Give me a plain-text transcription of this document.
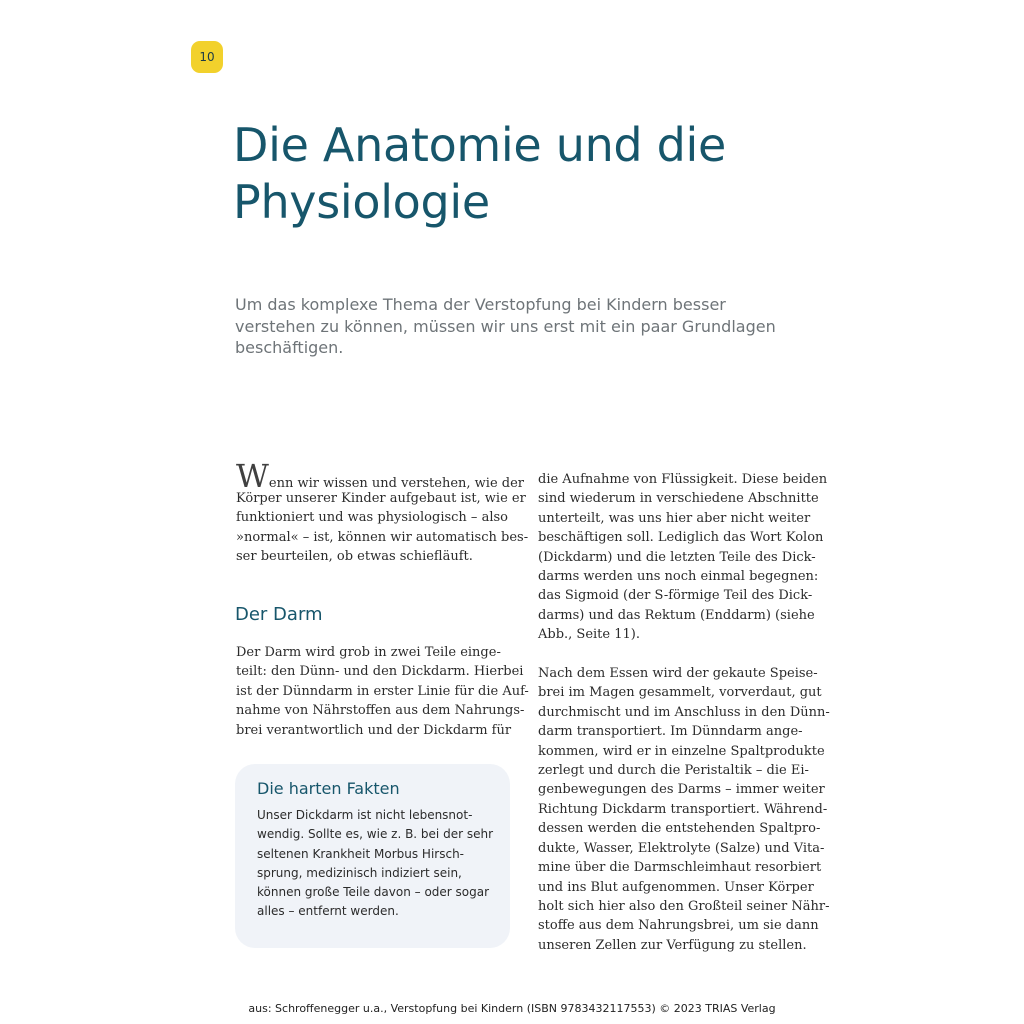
10
Die Anatomie und die
Physiologie
Um das komplexe Thema der Verstopfung bei Kindern besser
verstehen zu können, müssen wir uns erst mit ein paar Grundlagen
beschäftigen.
Wenn wir wissen und verstehen, wie der
Körper unserer Kinder aufgebaut ist, wie er
funktioniert und was physiologisch – also
»normal« – ist, können wir automatisch bes-
ser beurteilen, ob etwas schiefläuft.
Der Darm
Der Darm wird grob in zwei Teile einge-
teilt: den Dünn- und den Dickdarm. Hierbei
ist der Dünndarm in erster Linie für die Auf-
nahme von Nährstoffen aus dem Nahrungs-
brei verantwortlich und der Dickdarm für
Die harten Fakten
Unser Dickdarm ist nicht lebensnot-
wendig. Sollte es, wie z. B. bei der sehr
seltenen Krankheit Morbus Hirsch-
sprung, medizinisch indiziert sein,
können große Teile davon – oder sogar
alles – entfernt werden.

die Aufnahme von Flüssigkeit. Diese beiden
sind wiederum in verschiedene Abschnitte
unterteilt, was uns hier aber nicht weiter
beschäftigen soll. Lediglich das Wort Kolon
(Dickdarm) und die letzten Teile des Dick-
darms werden uns noch einmal begegnen:
das Sigmoid (der S-förmige Teil des Dick-
darms) und das Rektum (Enddarm) (siehe
Abb., Seite 11).

Nach dem Essen wird der gekaute Speise-
brei im Magen gesammelt, vorverdaut, gut
durchmischt und im Anschluss in den Dünn-
darm transportiert. Im Dünndarm ange-
kommen, wird er in einzelne Spaltprodukte
zerlegt und durch die Peristaltik – die Ei-
genbewegungen des Darms – immer weiter
Richtung Dickdarm transportiert. Während-
dessen werden die entstehenden Spaltpro-
dukte, Wasser, Elektrolyte (Salze) und Vita-
mine über die Darmschleimhaut resorbiert
und ins Blut aufgenommen. Unser Körper
holt sich hier also den Großteil seiner Nähr-
stoffe aus dem Nahrungsbrei, um sie dann
unseren Zellen zur Verfügung zu stellen.

aus: Schroffenegger u.a., Verstopfung bei Kindern (ISBN 9783432117553) © 2023 TRIAS Verlag
